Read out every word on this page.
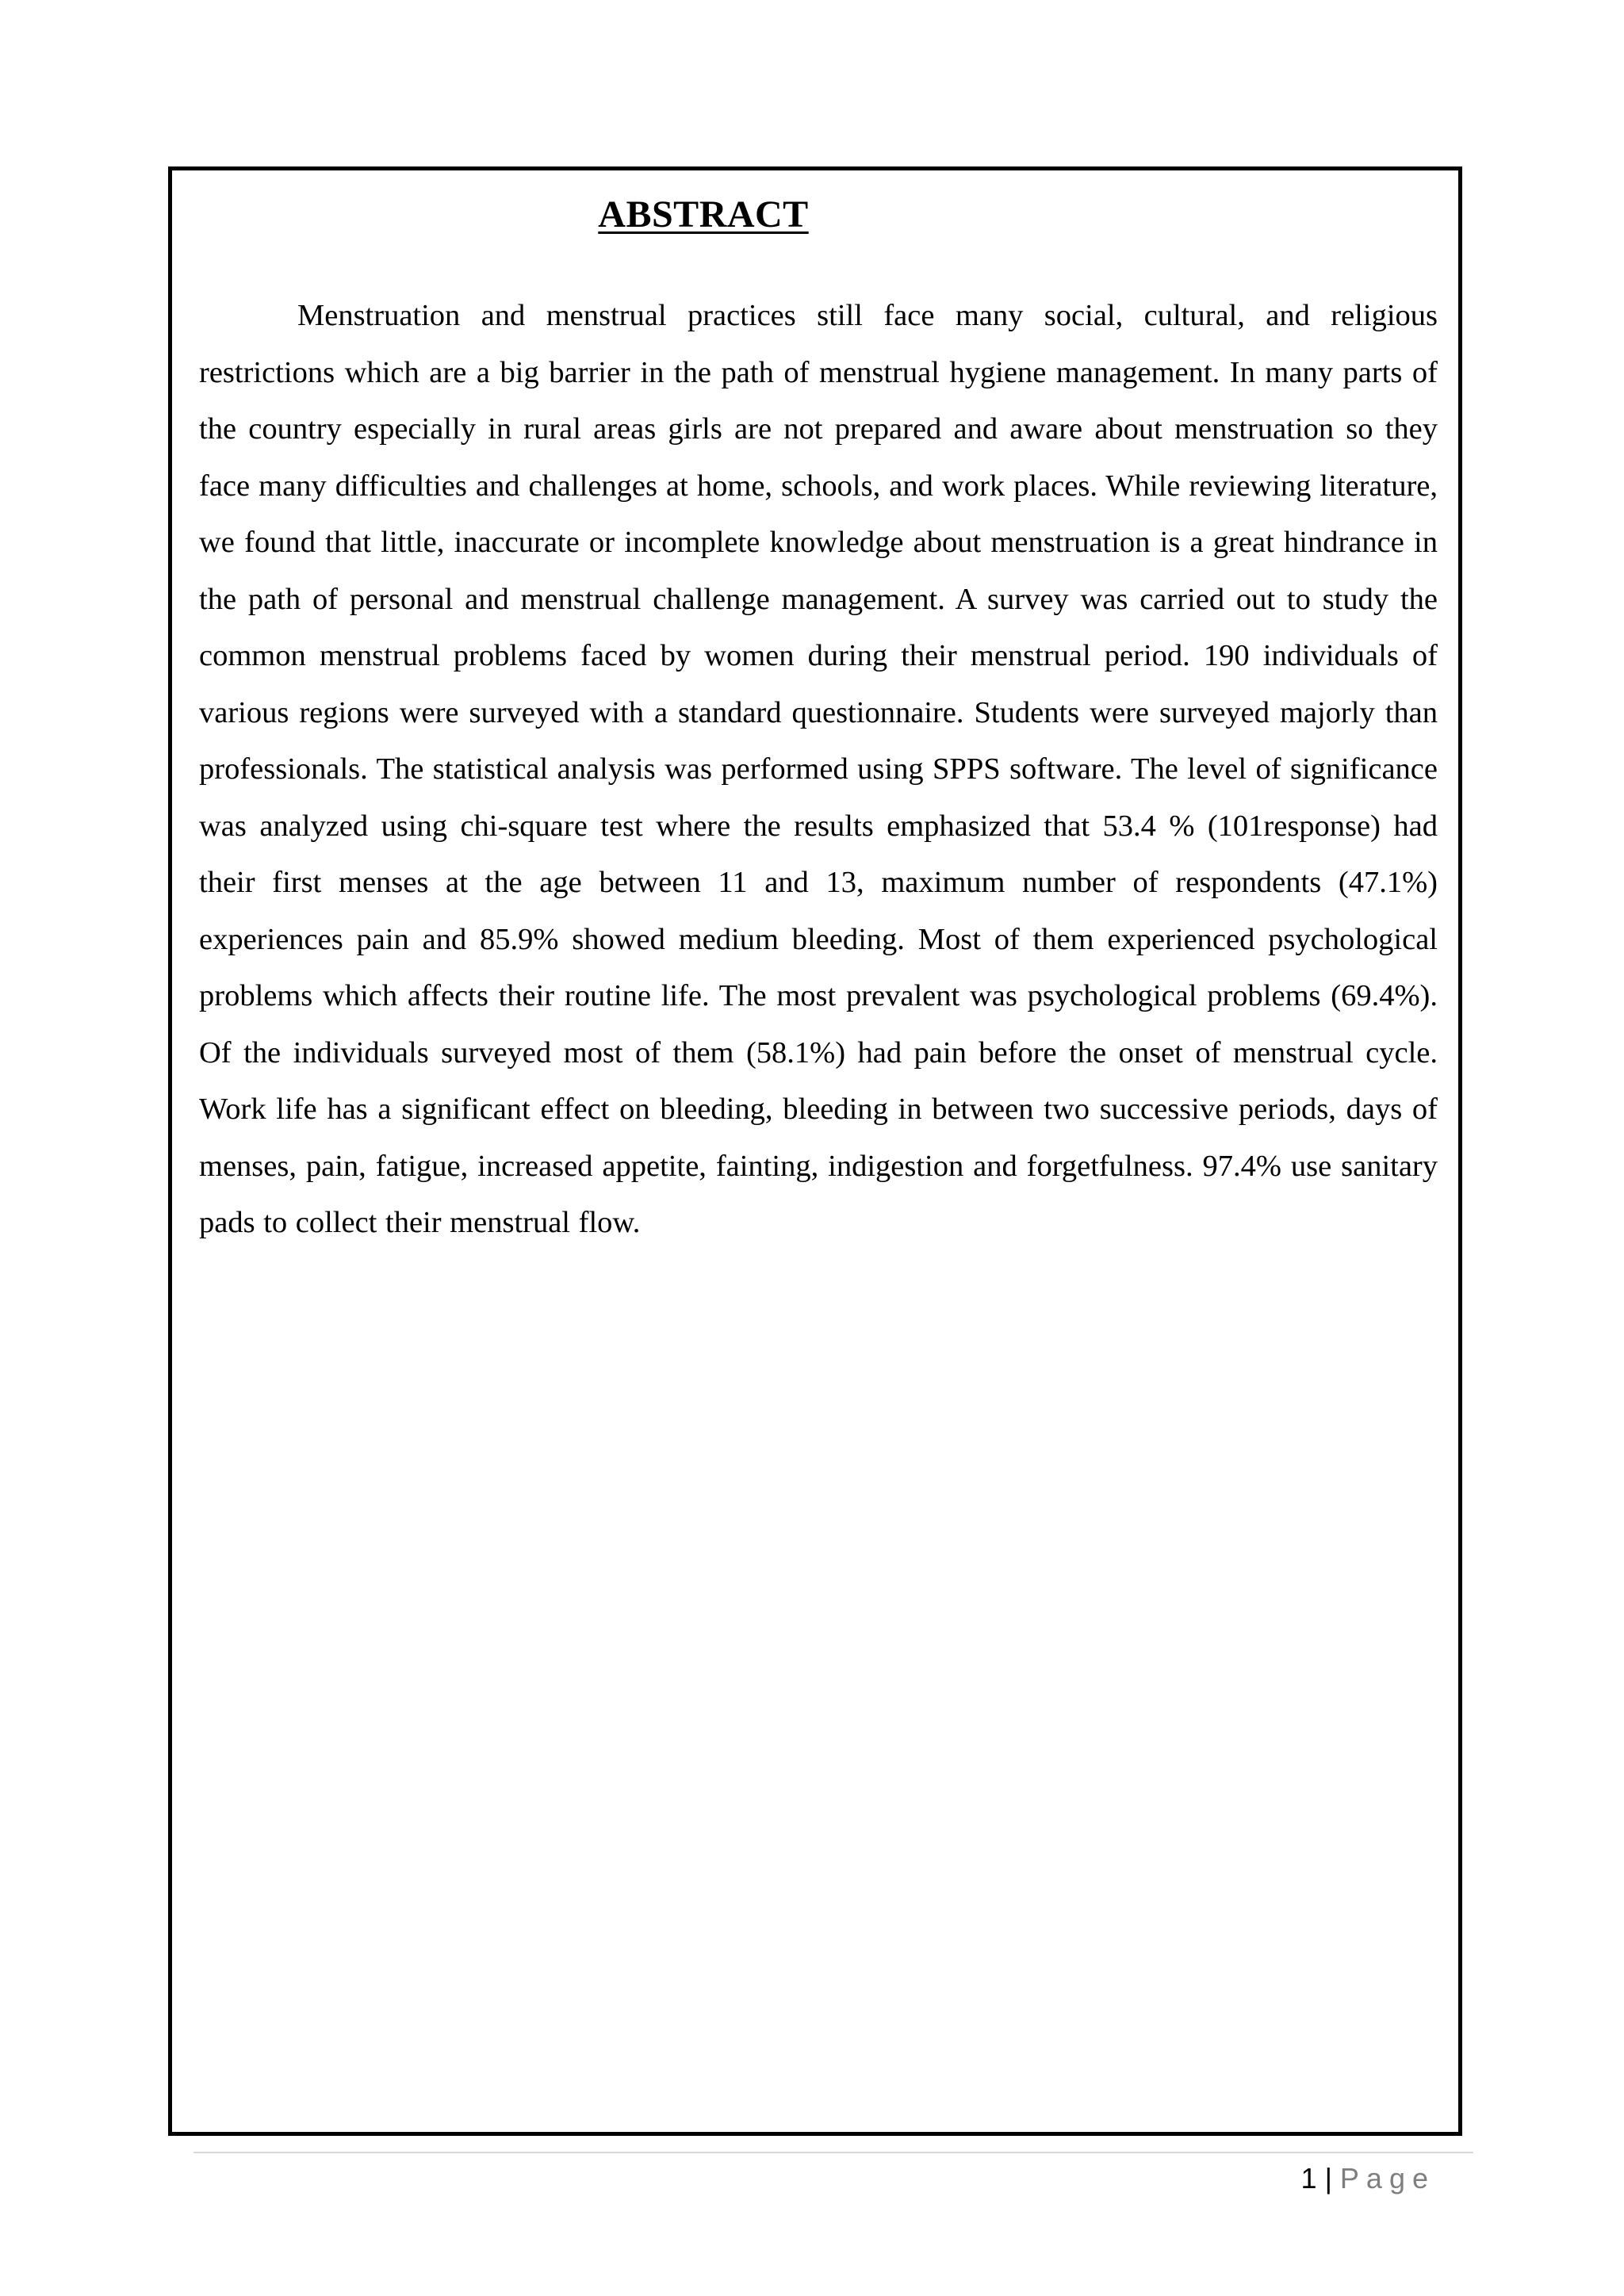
ABSTRACT

Menstruation and menstrual practices still face many social, cultural, and religious restrictions which are a big barrier in the path of menstrual hygiene management. In many parts of the country especially in rural areas girls are not prepared and aware about menstruation so they face many difficulties and challenges at home, schools, and work places. While reviewing literature, we found that little, inaccurate or incomplete knowledge about menstruation is a great hindrance in the path of personal and menstrual challenge management. A survey was carried out to study the common menstrual problems faced by women during their menstrual period. 190 individuals of various regions were surveyed with a standard questionnaire. Students were surveyed majorly than professionals. The statistical analysis was performed using SPPS software. The level of significance was analyzed using chi-square test where the results emphasized that 53.4 % (101response) had their first menses at the age between 11 and 13, maximum number of respondents (47.1%) experiences pain and 85.9% showed medium bleeding. Most of them experienced psychological problems which affects their routine life. The most prevalent was psychological problems (69.4%). Of the individuals surveyed most of them (58.1%) had pain before the onset of menstrual cycle. Work life has a significant effect on bleeding, bleeding in between two successive periods, days of menses, pain, fatigue, increased appetite, fainting, indigestion and forgetfulness. 97.4% use sanitary pads to collect their menstrual flow.

1 | Page
